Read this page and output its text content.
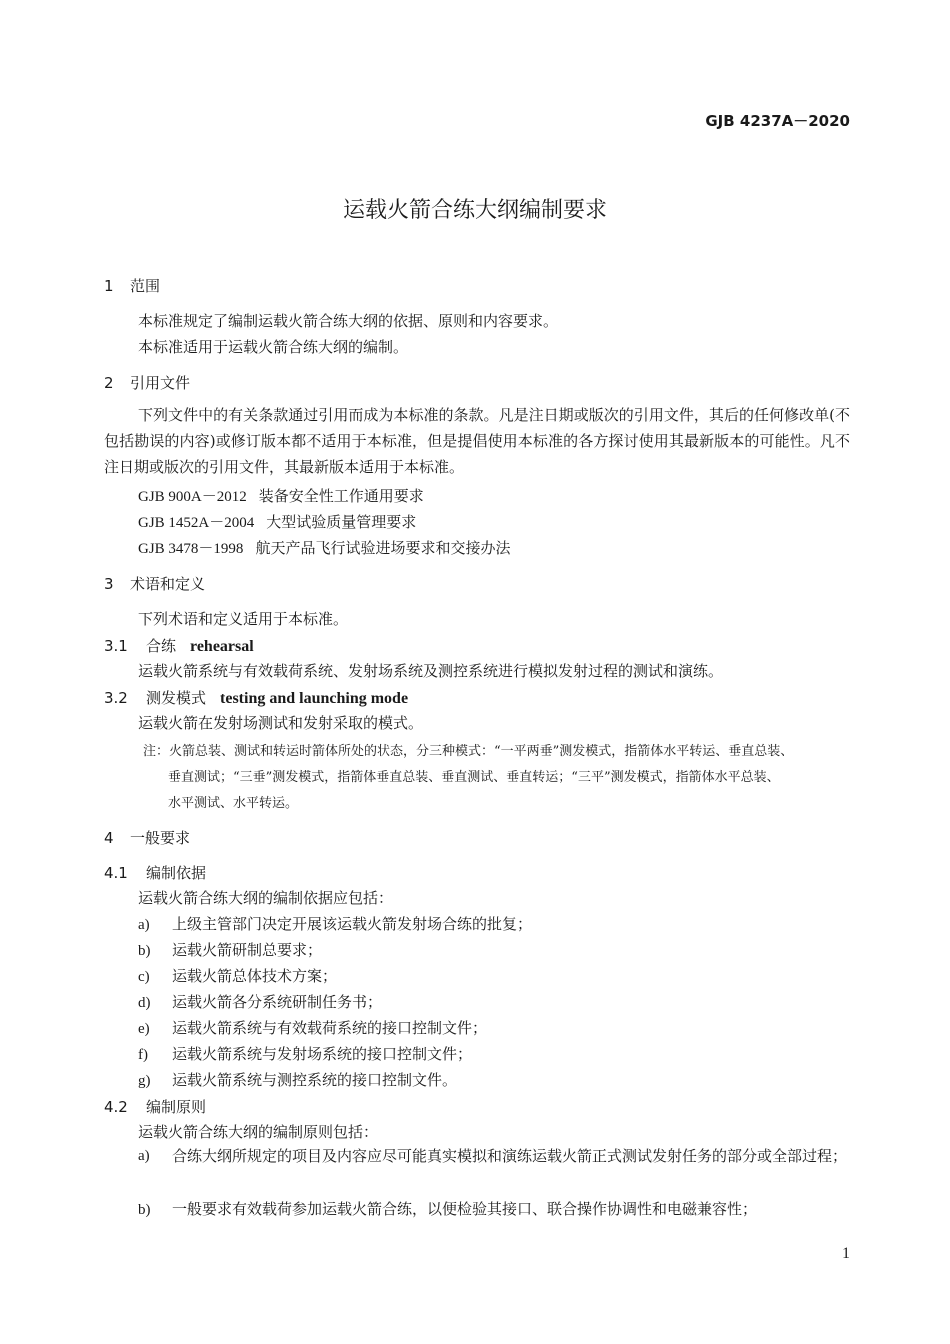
GJB 4237A－2020
运载火箭合练大纲编制要求
1 范围
本标准规定了编制运载火箭合练大纲的依据、原则和内容要求。
本标准适用于运载火箭合练大纲的编制。
2 引用文件
下列文件中的有关条款通过引用而成为本标准的条款。凡是注日期或版次的引用文件，其后的任何修改单(不包括勘误的内容)或修订版本都不适用于本标准，但是提倡使用本标准的各方探讨使用其最新版本的可能性。凡不注日期或版次的引用文件，其最新版本适用于本标准。
GJB 900A－2012 装备安全性工作通用要求
GJB 1452A－2004 大型试验质量管理要求
GJB 3478－1998 航天产品飞行试验进场要求和交接办法
3 术语和定义
下列术语和定义适用于本标准。
3.1 合练 rehearsal
运载火箭系统与有效载荷系统、发射场系统及测控系统进行模拟发射过程的测试和演练。
3.2 测发模式 testing and launching mode
运载火箭在发射场测试和发射采取的模式。
注：火箭总装、测试和转运时箭体所处的状态，分三种模式：“一平两垂”测发模式，指箭体水平转运、垂直总装、
垂直测试；“三垂”测发模式，指箭体垂直总装、垂直测试、垂直转运；“三平”测发模式，指箭体水平总装、
水平测试、水平转运。
4 一般要求
4.1 编制依据
运载火箭合练大纲的编制依据应包括：
a) 上级主管部门决定开展该运载火箭发射场合练的批复；
b) 运载火箭研制总要求；
c) 运载火箭总体技术方案；
d) 运载火箭各分系统研制任务书；
e) 运载火箭系统与有效载荷系统的接口控制文件；
f) 运载火箭系统与发射场系统的接口控制文件；
g) 运载火箭系统与测控系统的接口控制文件。
4.2 编制原则
运载火箭合练大纲的编制原则包括：
a)	合练大纲所规定的项目及内容应尽可能真实模拟和演练运载火箭正式测试发射任务的部分或全部过程；
b) 一般要求有效载荷参加运载火箭合练，以便检验其接口、联合操作协调性和电磁兼容性；
1
